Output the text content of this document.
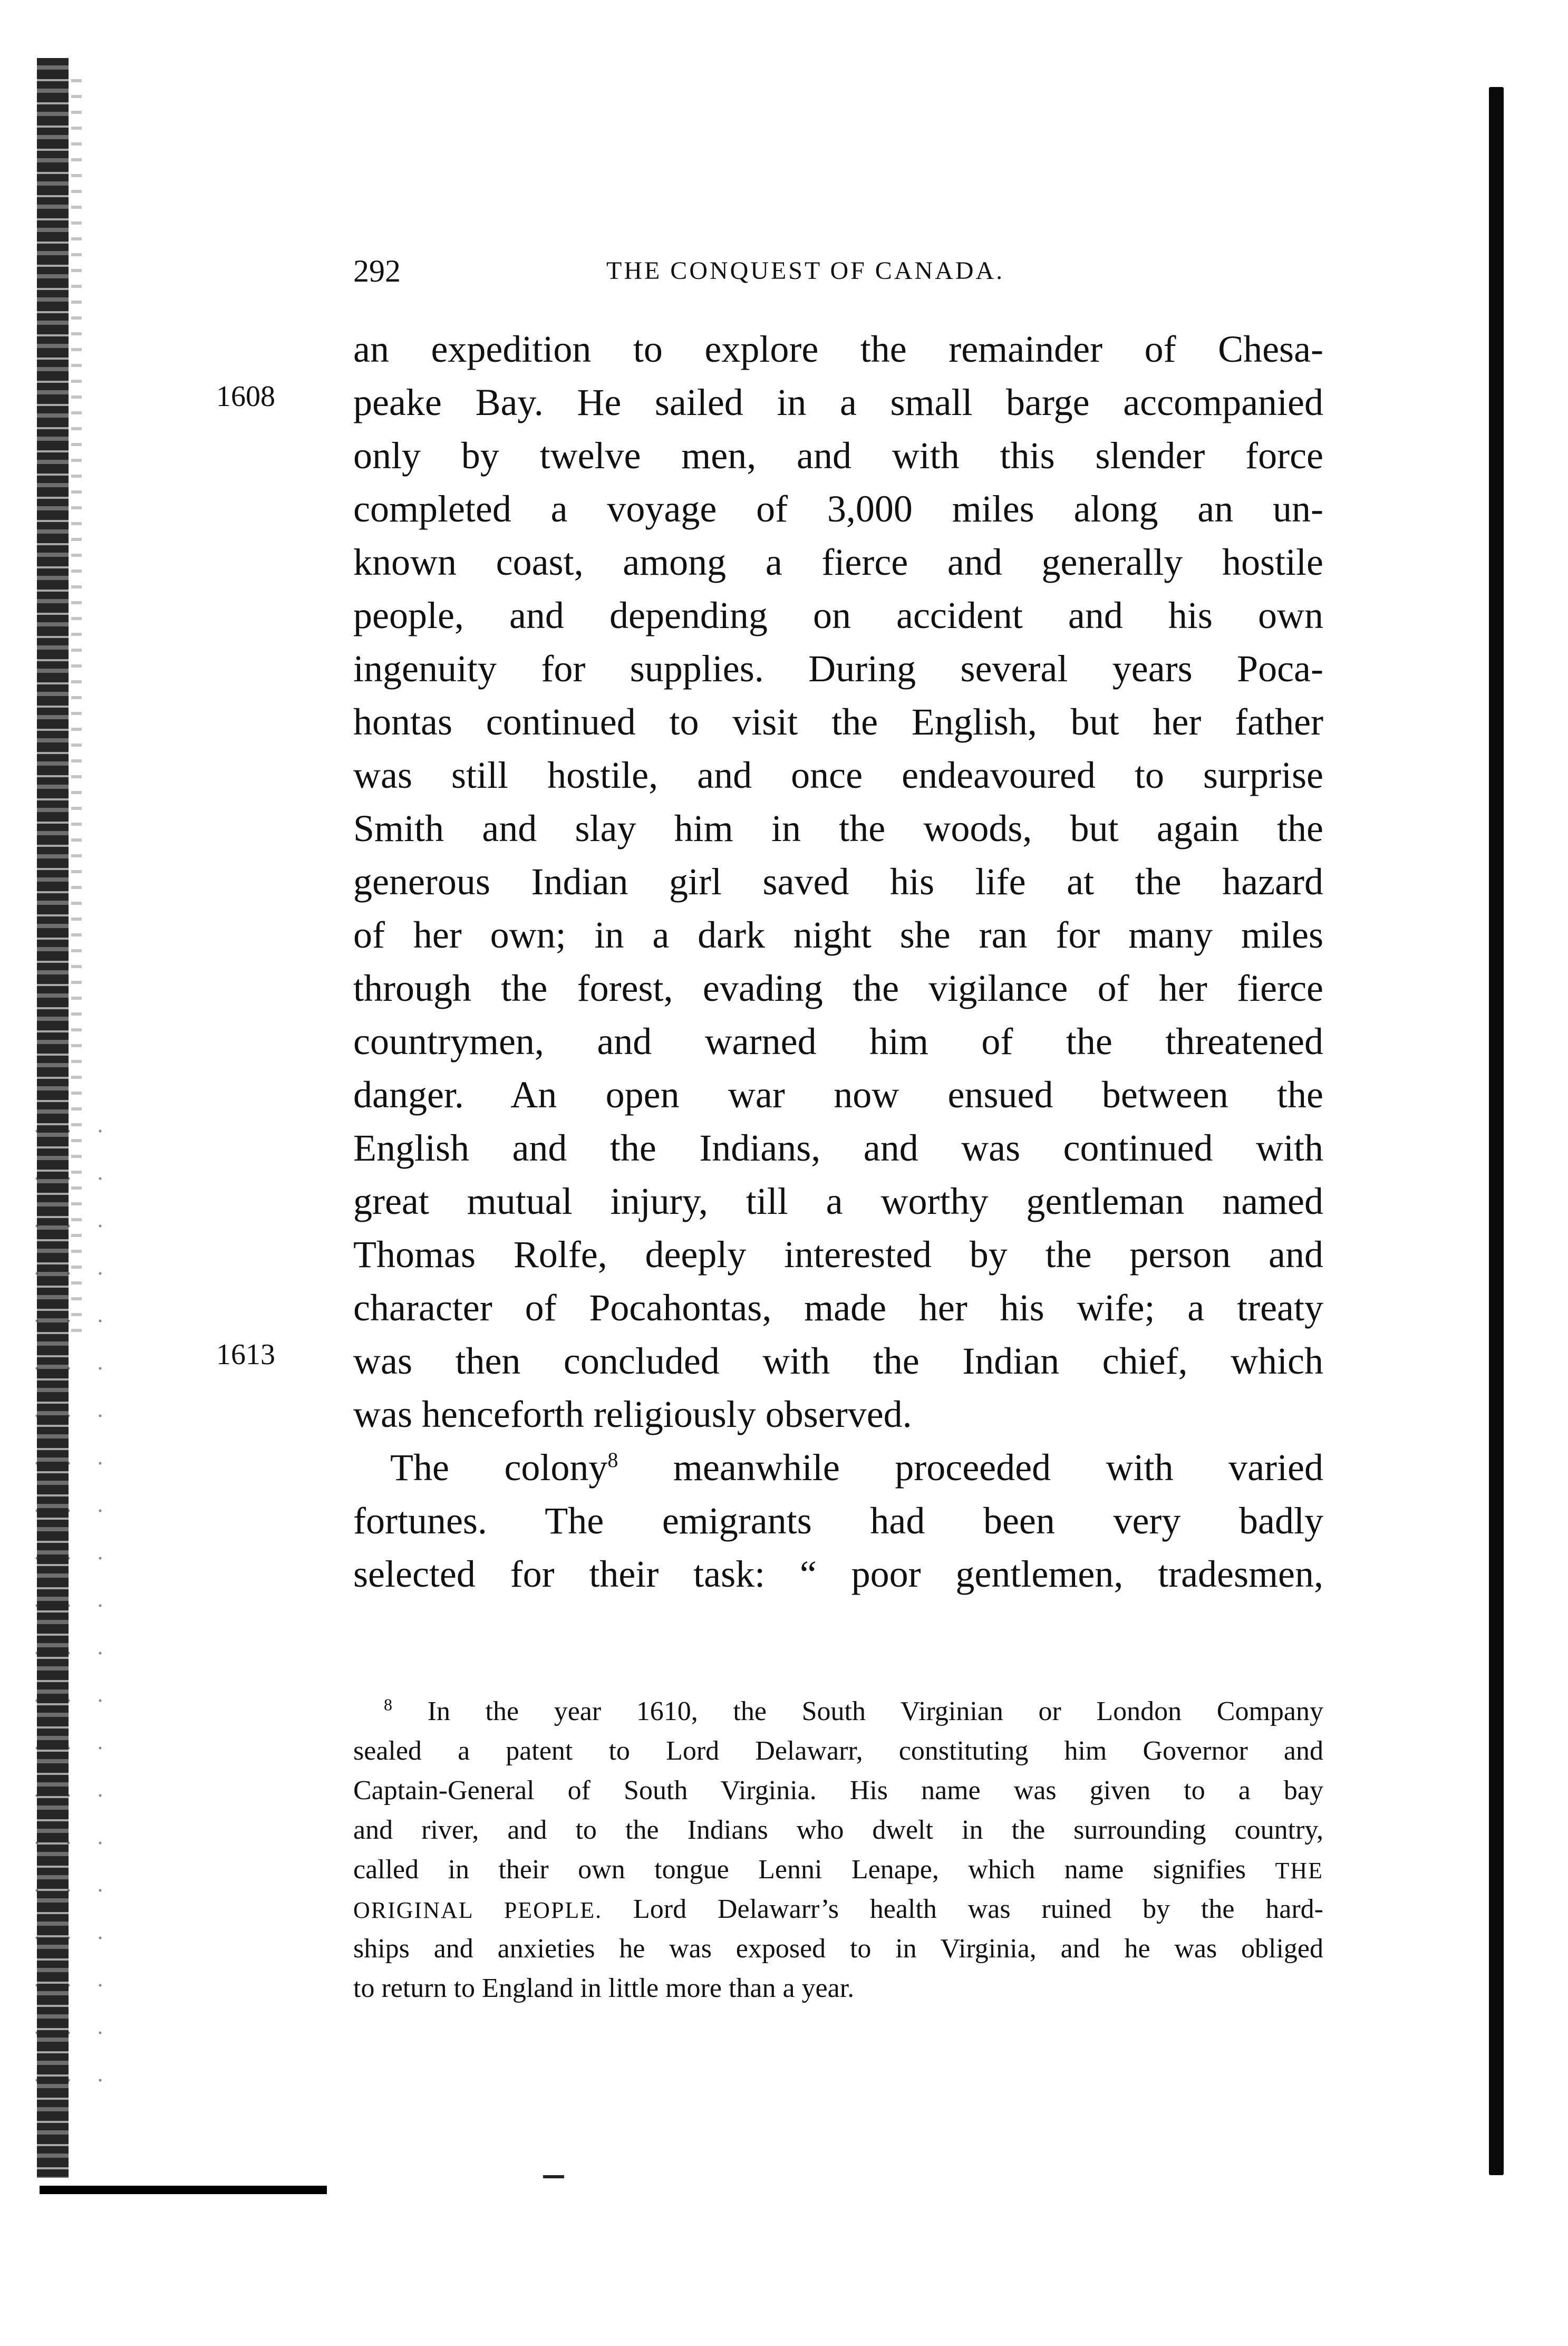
292	THE CONQUEST OF CANADA.
1608
1613
an expedition to explore the remainder of Chesa-
peake Bay. He sailed in a small barge accompanied
only by twelve men, and with this slender force
completed a voyage of 3,000 miles along an un-
known coast, among a fierce and generally hostile
people, and depending on accident and his own
ingenuity for supplies. During several years Poca-
hontas continued to visit the English, but her father
was still hostile, and once endeavoured to surprise
Smith and slay him in the woods, but again the
generous Indian girl saved his life at the hazard
of her own; in a dark night she ran for many miles
through the forest, evading the vigilance of her fierce
countrymen, and warned him of the threatened
danger. An open war now ensued between the
English and the Indians, and was continued with
great mutual injury, till a worthy gentleman named
Thomas Rolfe, deeply interested by the person and
character of Pocahontas, made her his wife; a treaty
was then concluded with the Indian chief, which
was henceforth religiously observed.
The colony$^8$ meanwhile proceeded with varied
fortunes. The emigrants had been very badly
selected for their task: “ poor gentlemen, tradesmen,
$^8$ In the year 1610, the South Virginian or London Company
sealed a patent to Lord Delawarr, constituting him Governor and
Captain-General of South Virginia. His name was given to a bay
and river, and to the Indians who dwelt in the surrounding country,
called in their own tongue Lenni Lenape, which name signifies THE
ORIGINAL PEOPLE. Lord Delawarr’s health was ruined by the hard-
ships and anxieties he was exposed to in Virginia, and he was obliged
to return to England in little more than a year.
